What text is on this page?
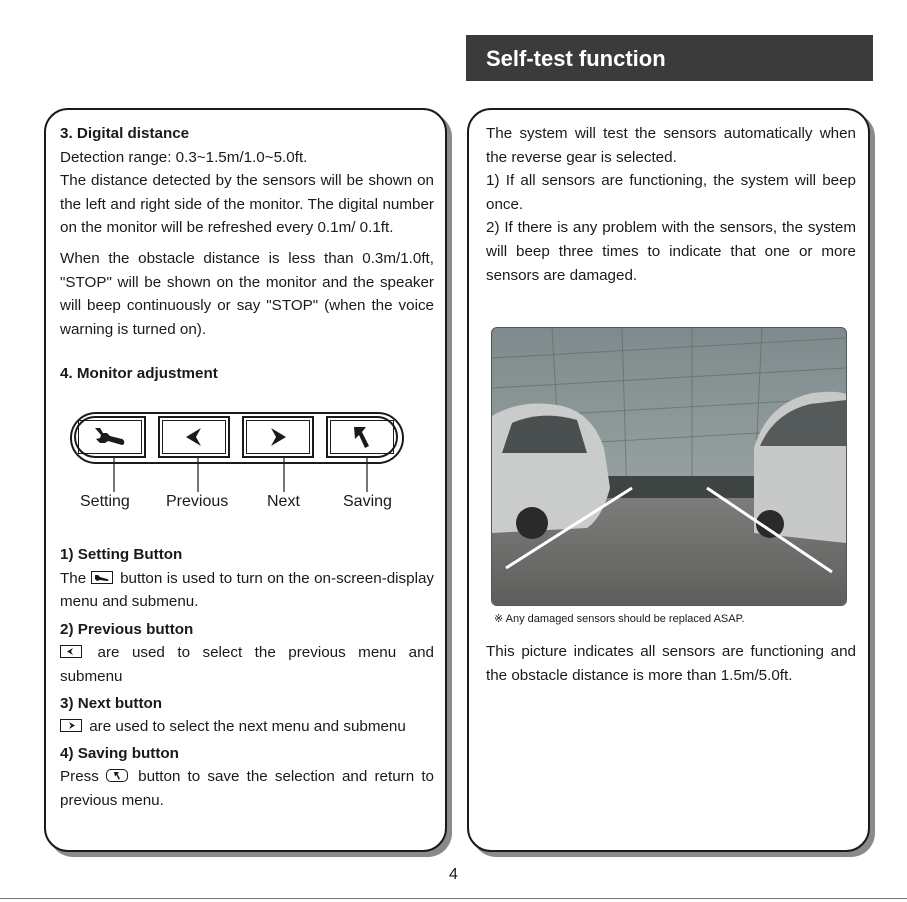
Self-test function

3. Digital distance

Detection range: 0.3~1.5m/1.0~5.0ft.

The distance detected by the sensors will be shown on the left and right side of the monitor. The digital number on the monitor will be refreshed every 0.1m/ 0.1ft.

When the obstacle distance is less than 0.3m/1.0ft, "STOP" will be shown on the monitor and the speaker will beep continuously or say "STOP" (when the voice warning is turned on).

4. Monitor adjustment

Setting Previous Next	Saving

1) Setting Button

The
button is used to turn on the on-screen-display menu and submenu.

2) Previous button

are used to select the previous menu and submenu

3) Next button

are used to select the next menu and submenu

4) Saving button

Press
button to save the selection and return to previous menu.

The system will test the sensors automatically when the reverse gear is selected.

1) If all sensors are functioning, the system will beep once.

2) If there is any problem with the sensors, the system will beep three times to indicate that one or more sensors are damaged.

※ Any damaged sensors should be replaced ASAP.

This picture indicates all sensors are functioning and the obstacle distance is more than 1.5m/5.0ft.

4
